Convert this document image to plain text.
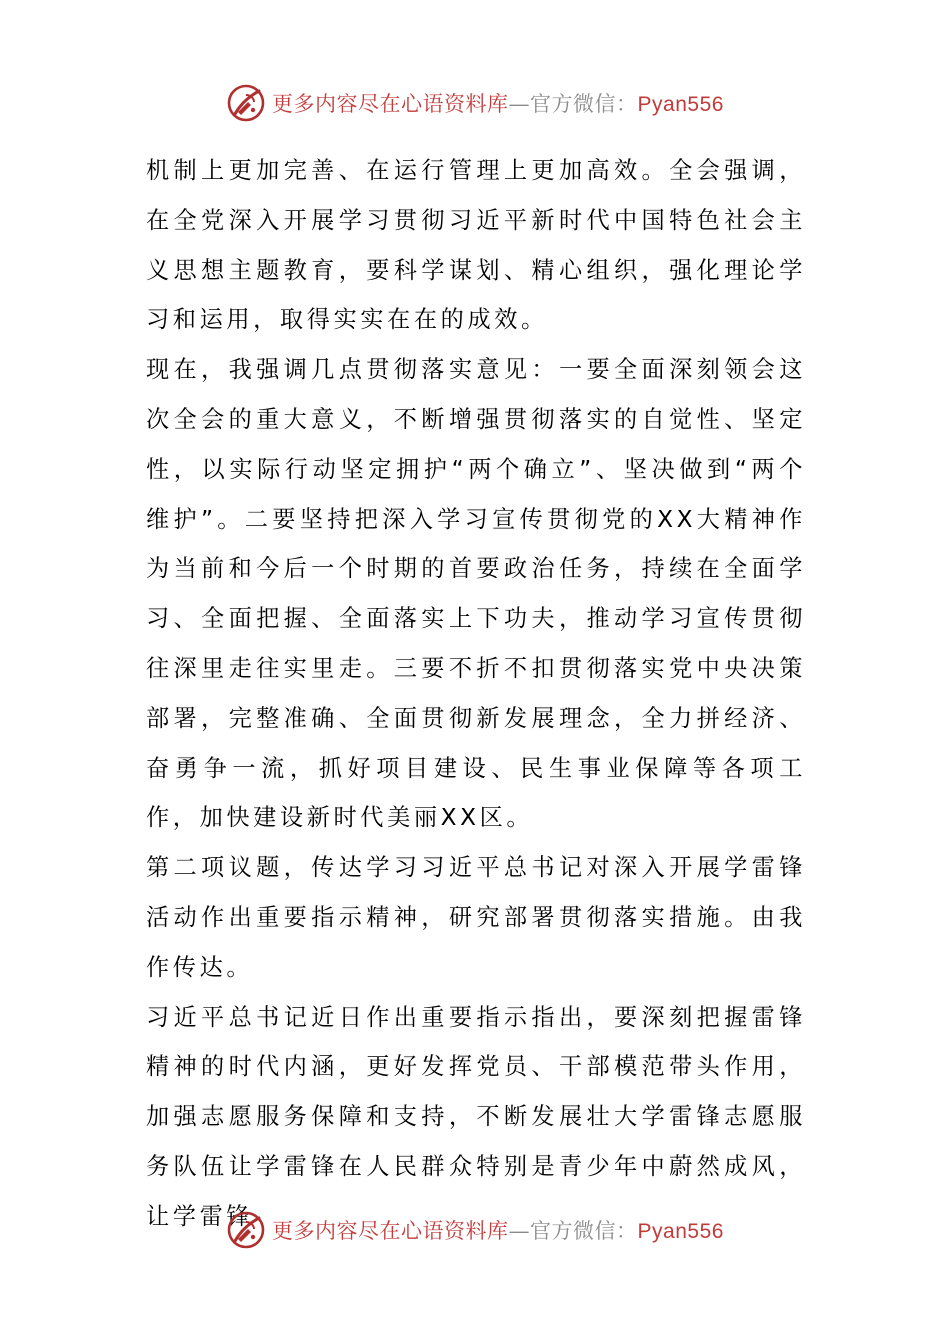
更多内容尽在心语资料库—官方微信：Pyan556

机制上更加完善、在运行管理上更加高效。全会强调，在全党深入开展学习贯彻习近平新时代中国特色社会主义思想主题教育，要科学谋划、精心组织，强化理论学习和运用，取得实实在在的成效。

现在，我强调几点贯彻落实意见：一要全面深刻领会这次全会的重大意义，不断增强贯彻落实的自觉性、坚定性，以实际行动坚定拥护“两个确立”、坚决做到“两个维护”。二要坚持把深入学习宣传贯彻党的XX大精神作为当前和今后一个时期的首要政治任务，持续在全面学习、全面把握、全面落实上下功夫，推动学习宣传贯彻往深里走往实里走。三要不折不扣贯彻落实党中央决策部署，完整准确、全面贯彻新发展理念，全力拼经济、奋勇争一流，抓好项目建设、民生事业保障等各项工作，加快建设新时代美丽XX区。

第二项议题，传达学习习近平总书记对深入开展学雷锋活动作出重要指示精神，研究部署贯彻落实措施。由我作传达。

习近平总书记近日作出重要指示指出，要深刻把握雷锋精神的时代内涵，更好发挥党员、干部模范带头作用，加强志愿服务保障和支持，不断发展壮大学雷锋志愿服务队伍让学雷锋在人民群众特别是青少年中蔚然成风，让学雷锋

更多内容尽在心语资料库—官方微信：Pyan556
